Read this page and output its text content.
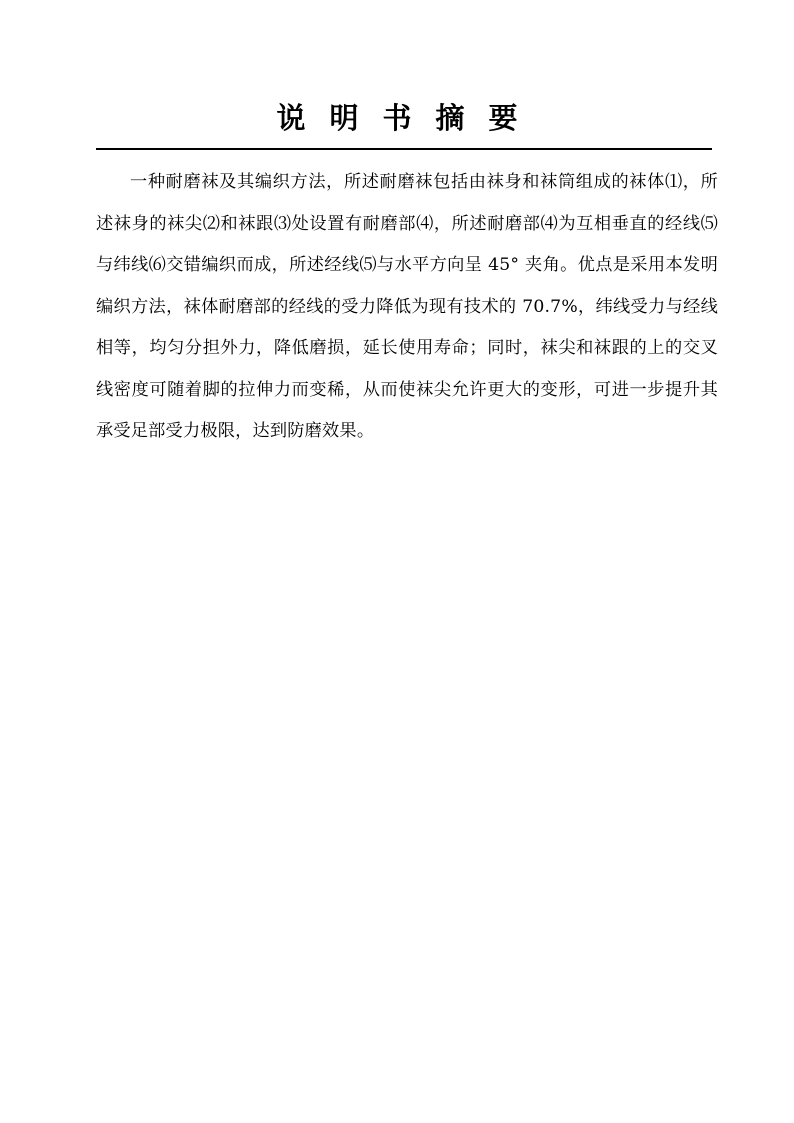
说明书摘要

一种耐磨袜及其编织方法，所述耐磨袜包括由袜身和袜筒组成的袜体⑴，所述袜身的袜尖⑵和袜跟⑶处设置有耐磨部⑷，所述耐磨部⑷为互相垂直的经线⑸与纬线⑹交错编织而成，所述经线⑸与水平方向呈 45° 夹角。优点是采用本发明编织方法，袜体耐磨部的经线的受力降低为现有技术的 70.7%，纬线受力与经线相等，均匀分担外力，降低磨损，延长使用寿命；同时，袜尖和袜跟的上的交叉线密度可随着脚的拉伸力而变稀，从而使袜尖允许更大的变形，可进一步提升其承受足部受力极限，达到防磨效果。
